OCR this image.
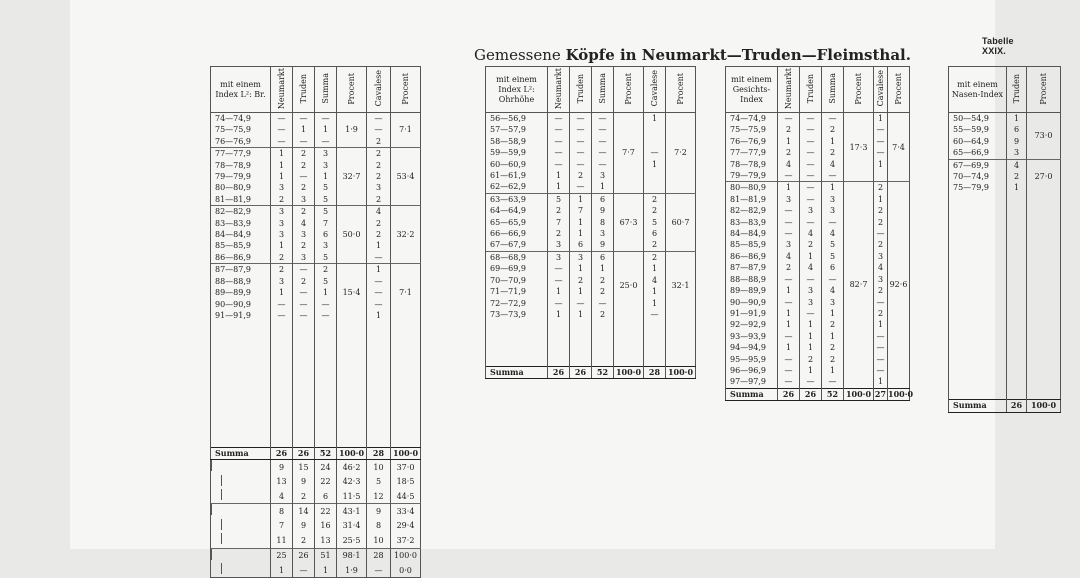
Tabelle XXIX.
Gemessene Köpfe in Neumarkt—Truden—Fleimsthal.
mit einem Index L²: Br.	Neumarkt	Truden	Summa	Procent	Cavalese	Procent
74—74,9	—	—	—	1·9	—	7·1
75—75,9	—	1	1		—	
76—76,9	—	—	—		2	
77—77,9	1	2	3	32·7	2	53·4
78—78,9	1	2	3		2	
79—79,9	1	—	1		2	
80—80,9	3	2	5		3	
81—81,9	2	3	5		2	
82—82,9	3	2	5	50·0	4	32·2
83—83,9	3	4	7		2	
84—84,9	3	3	6		2	
85—85,9	1	2	3		1	
86—86,9	2	3	5		—	
87—87,9	2	—	2	15·4	1	7·1
88—88,9	3	2	5		—	
89—89,9	1	—	1		—	
90—90,9	—	—	—		—	
91—91,9	—	—	—		1	

Summa	26	26	52	100·0	28	100·0
	9	15	24	46·2	10	37·0
	13	9	22	42·3	5	18·5
	4	2	6	11·5	12	44·5
	8	14	22	43·1	9	33·4
	7	9	16	31·4	8	29·4
	11	2	13	25·5	10	37·2
	25	26	51	98·1	28	100·0
	1	—	1	1·9	—	0·0
mit einem Index L²: Ohrhöhe	Neumarkt	Truden	Summa	Procent	Cavalese	Procent
56—56,9	—	—	—	7·7	1	7·2
57—57,9	—	—	—			
58—58,9	—	—	—			
59—59,9	—	—	—		—	
60—60,9	—	—	—		1	
61—61,9	1	2	3			
62—62,9	1	—	1			
63—63,9	5	1	6	67·3	2	60·7
64—64,9	2	7	9		2	
65—65,9	7	1	8		5	
66—66,9	2	1	3		6	
67—67,9	3	6	9		2	
68—68,9	3	3	6	25·0	2	32·1
69—69,9	—	1	1		1	
70—70,9	—	2	2		4	
71—71,9	1	1	2		1	
72—72,9	—	—	—		1	
73—73,9	1	1	2		—	

Summa	26	26	52	100·0	28	100·0
mit einem Gesichts-Index	Neumarkt	Truden	Summa	Procent	Cavalese	Procent
74—74,9	—	—	—	17·3	1	7·4
75—75,9	2	—	2		—	
76—76,9	1	—	1		—	
77—77,9	2	—	2		—	
78—78,9	4	—	4		1	
79—79,9	—	—	—			
80—80,9	1	—	1	82·7	2	92·6
81—81,9	3	—	3		1	
82—82,9	—	3	3		2	
83—83,9	—	—	—		2	
84—84,9	—	4	4		—	
85—85,9	3	2	5		2	
86—86,9	4	1	5		3	
87—87,9	2	4	6		4	
88—88,9	—	—	—		3	
89—89,9	1	3	4		2	
90—90,9	—	3	3		—	
91—91,9	1	—	1		2	
92—92,9	1	1	2		1	
93—93,9	—	1	1		—	
94—94,9	1	1	2		—	
95—95,9	—	2	2		—	
96—96,9	—	1	1		—	
97—97,9	—	—	—		1	
Summa	26	26	52	100·0	27	100·0
mit einem Nasen-Index	Truden	Procent
50—54,9	1	73·0
55—59,9	6	
60—64,9	9	
65—66,9	3	
67—69,9	4	27·0
70—74,9	2	
75—79,9	1	

Summa	26	100·0
